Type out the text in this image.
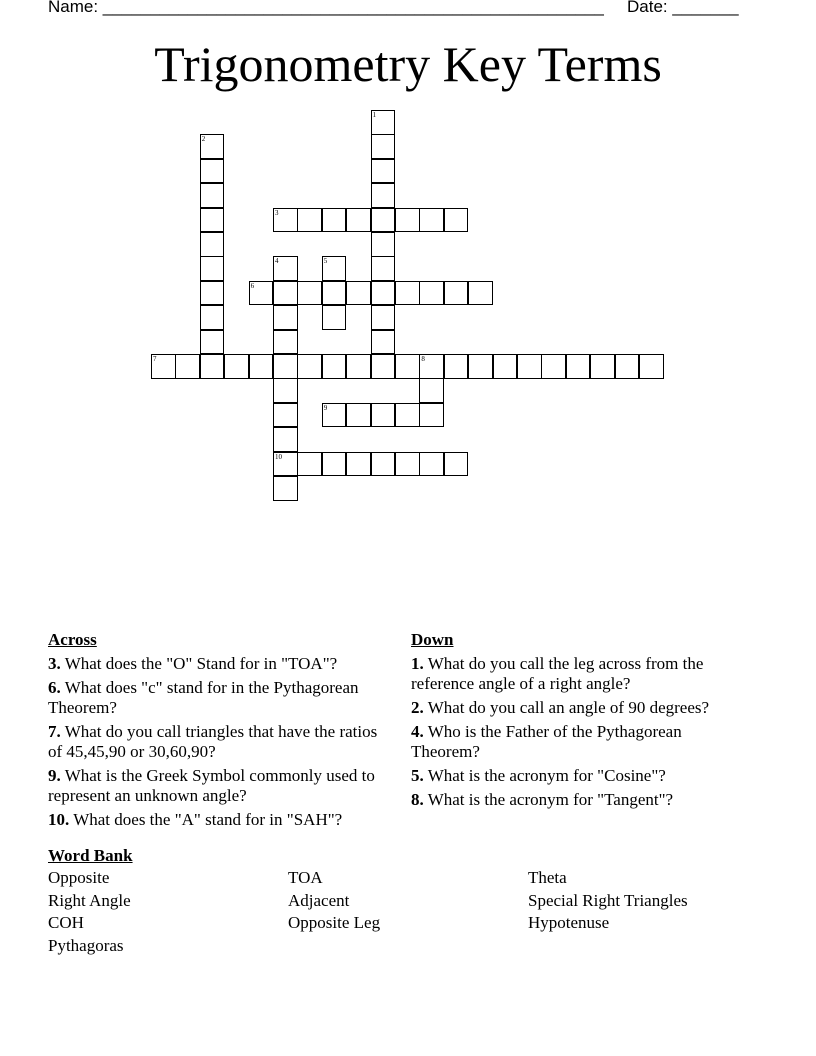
Name: _____________________________________________________ Date: _______
Trigonometry Key Terms
1
2
3
4
10
5
6
7	8
9
Across
3. What does the "O" Stand for in "TOA"?
6. What does "c" stand for in the Pythagorean Theorem?
7. What do you call triangles that have the ratios of 45,45,90 or 30,60,90?
9. What is the Greek Symbol commonly used to represent an unknown angle?
10. What does the "A" stand for in "SAH"?
Down
1. What do you call the leg across from the reference angle of a right angle?
2. What do you call an angle of 90 degrees?
4. Who is the Father of the Pythagorean Theorem?
5. What is the acronym for "Cosine"?
8. What is the acronym for "Tangent"?
Word Bank
Opposite	TOA	Theta
Right Angle	Adjacent	Special Right Triangles
COH	Opposite Leg	Hypotenuse
Pythagoras
